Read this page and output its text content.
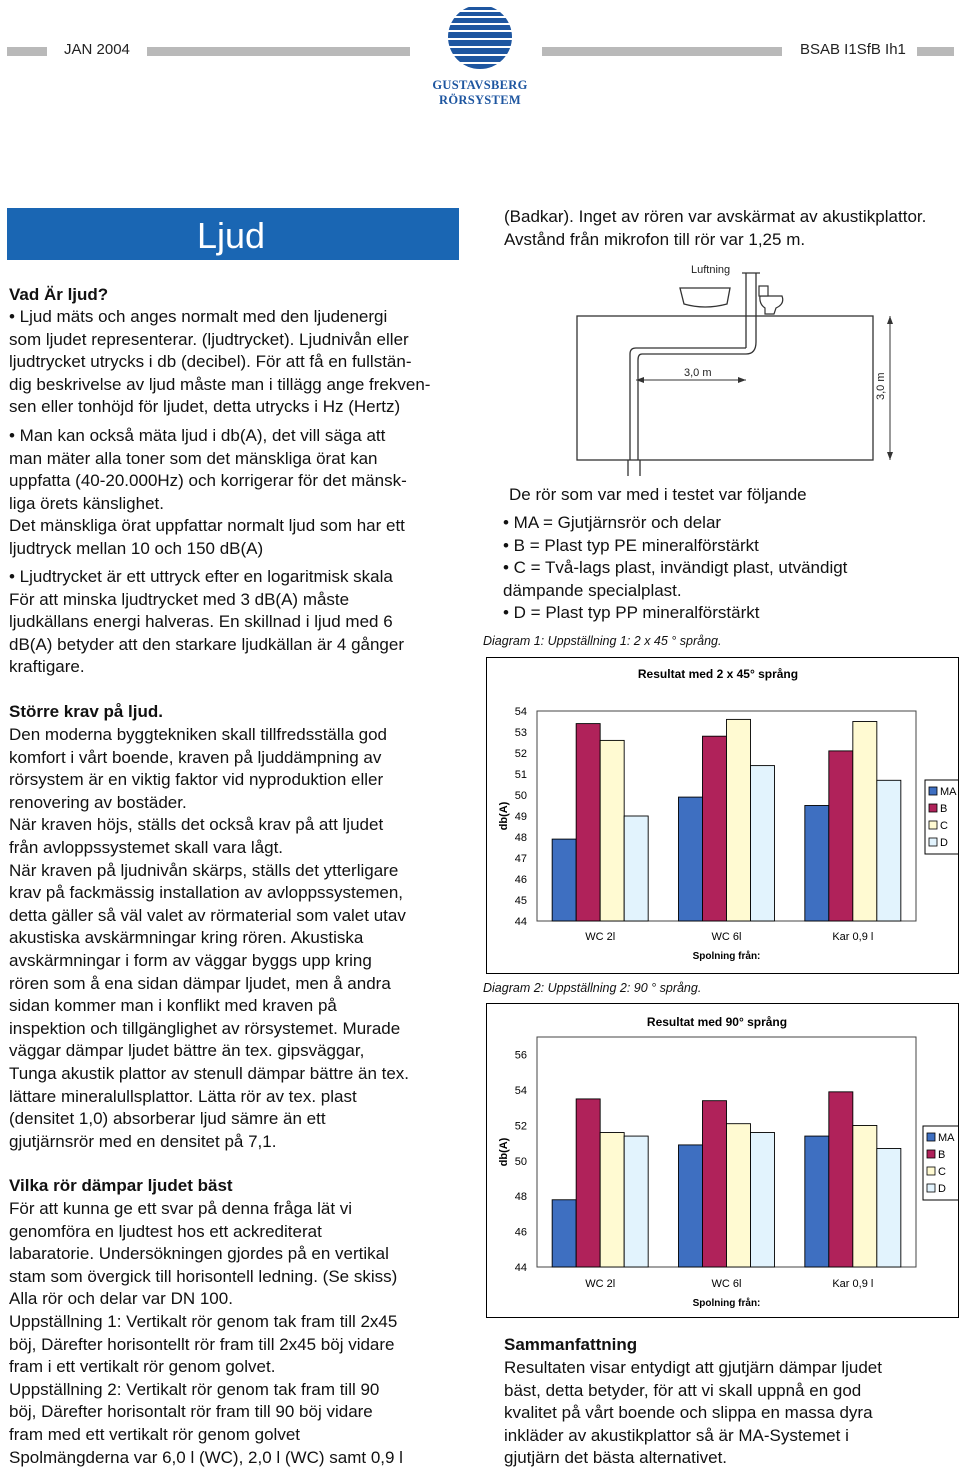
JAN 2004	BSAB I1SfB Ih1
GUSTAVSBERG
RÖRSYSTEM
Ljud
Vad Är ljud?

• Ljud mäts och anges normalt med den ljudenergi

som ljudet representerar. (ljudtrycket). Ljudnivån eller

ljudtrycket utrycks i db (decibel). För att få en fullstän-

dig beskrivelse av ljud måste man i tillägg ange frekven-

sen eller tonhöjd för ljudet, detta utrycks i Hz (Hertz)

• Man kan också mäta ljud i db(A), det vill säga att

man mäter alla toner som det mänskliga örat kan

uppfatta (40-20.000Hz) och korrigerar för det mänsk-

liga örets känslighet.

Det mänskliga örat uppfattar normalt ljud som har ett

ljudtryck mellan 10 och 150 dB(A)

• Ljudtrycket är ett uttryck efter en logaritmisk skala

För att minska ljudtrycket med 3 dB(A) måste

ljudkällans energi halveras. En skillnad i ljud med 6

dB(A) betyder att den starkare ljudkällan är 4 gånger

kraftigare.

Större krav på ljud.

Den moderna byggtekniken skall tillfredsställa god

komfort i vårt boende, kraven på ljuddämpning av

rörsystem är en viktig faktor vid nyproduktion eller

renovering av bostäder.

När kraven höjs, ställs det också krav på att ljudet

från avloppssystemet skall vara lågt.

När kraven på ljudnivån skärps, ställs det ytterligare

krav på fackmässig installation av avloppssystemen,

detta gäller så väl valet av rörmaterial som valet utav

akustiska avskärmningar kring rören. Akustiska

avskärmningar i form av väggar byggs upp kring

rören som å ena sidan dämpar ljudet, men å andra

sidan kommer man i konflikt med kraven på

inspektion och tillgänglighet av rörsystemet. Murade

väggar dämpar ljudet bättre än tex. gipsväggar,

Tunga akustik plattor av stenull dämpar bättre än tex.

lättare mineralullsplattor. Lätta rör av tex. plast

(densitet 1,0) absorberar ljud sämre än ett

gjutjärnsrör med en densitet på 7,1.

Vilka rör dämpar ljudet bäst

För att kunna ge ett svar på denna fråga lät vi

genomföra en ljudtest hos ett ackrediterat

labaratorie. Undersökningen gjordes på en vertikal

stam som övergick till horisontell ledning. (Se skiss)

Alla rör och delar var DN 100.

Uppställning 1: Vertikalt rör genom tak fram till 2x45

böj, Därefter horisontellt rör fram till 2x45 böj vidare

fram i ett vertikalt rör genom golvet.

Uppställning 2: Vertikalt rör genom tak fram till 90

böj, Därefter horisontalt rör fram till 90 böj vidare

fram med ett vertikalt rör genom golvet

Spolmängderna var 6,0 l (WC), 2,0 l (WC) samt 0,9 l

(Badkar). Inget av rören var avskärmat av akustikplattor.

Avstånd från mikrofon till rör var 1,25 m.

Luftning
3,0 m	3,0 m
De rör som var med i testet var följande

• MA = Gjutjärnsrör och delar

• B = Plast typ PE mineralförstärkt

• C = Två-lags plast, invändigt plast, utvändigt

dämpande specialplast.

• D = Plast typ PP mineralförstärkt

Diagram 1: Uppställning 1: 2 x 45 ° språng.
Resultat med 2 x 45° språng
44
45
46
47
48
49
50
51
52
53
54
db(A)
WC 2l	WC 6l	Kar 0,9 l
Spolning från:
MA
B
C
D
Diagram 2: Uppställning 2: 90 ° språng.
Resultat med 90° språng
44
46
48
50
52
54
56
db(A)
WC 2l	WC 6l	Kar 0,9 l
Spolning från:
MA
B
C
D
Sammanfattning

Resultaten visar entydigt att gjutjärn dämpar ljudet

bäst, detta betyder, för att vi skall uppnå en god

kvalitet på vårt boende och slippa en massa dyra

inkläder av akustikplattor så är MA-Systemet i

gjutjärn det bästa alternativet.
